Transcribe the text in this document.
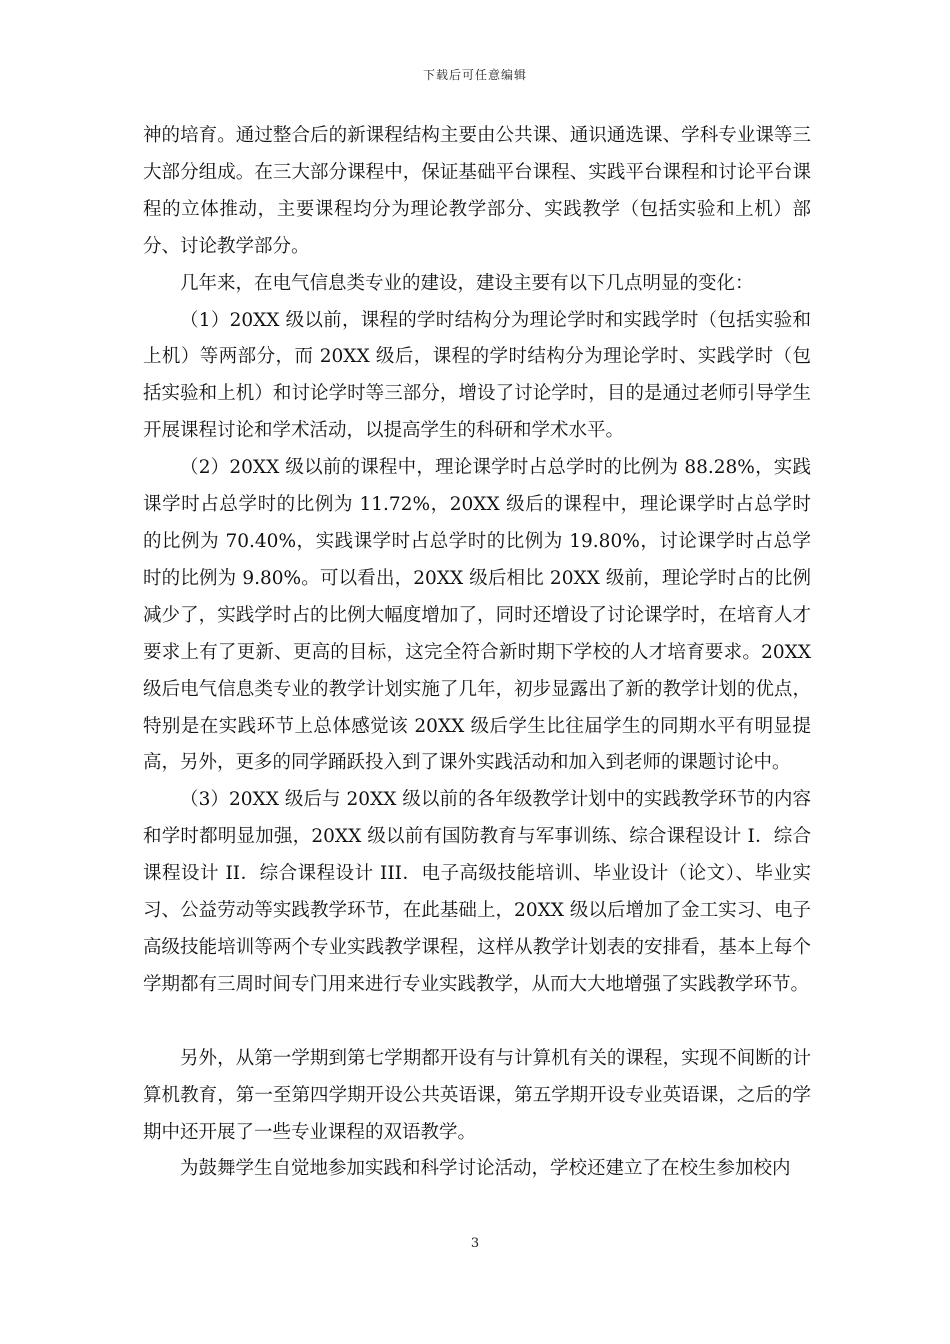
下载后可任意编辑

神的培育。通过整合后的新课程结构主要由公共课、通识通选课、学科专业课等三大部分组成。在三大部分课程中，保证基础平台课程、实践平台课程和讨论平台课程的立体推动，主要课程均分为理论教学部分、实践教学（包括实验和上机）部分、讨论教学部分。

几年来，在电气信息类专业的建设，建设主要有以下几点明显的变化：

（1）20XX 级以前，课程的学时结构分为理论学时和实践学时（包括实验和上机）等两部分，而 20XX 级后，课程的学时结构分为理论学时、实践学时（包括实验和上机）和讨论学时等三部分，增设了讨论学时，目的是通过老师引导学生开展课程讨论和学术活动，以提高学生的科研和学术水平。

（2）20XX 级以前的课程中，理论课学时占总学时的比例为 88.28%，实践课学时占总学时的比例为 11.72%，20XX 级后的课程中，理论课学时占总学时的比例为 70.40%，实践课学时占总学时的比例为 19.80%，讨论课学时占总学时的比例为 9.80%。可以看出，20XX 级后相比 20XX 级前，理论学时占的比例减少了，实践学时占的比例大幅度增加了，同时还增设了讨论课学时，在培育人才要求上有了更新、更高的目标，这完全符合新时期下学校的人才培育要求。20XX 级后电气信息类专业的教学计划实施了几年，初步显露出了新的教学计划的优点，特别是在实践环节上总体感觉该 20XX 级后学生比往届学生的同期水平有明显提高，另外，更多的同学踊跃投入到了课外实践活动和加入到老师的课题讨论中。

（3）20XX 级后与 20XX 级以前的各年级教学计划中的实践教学环节的内容和学时都明显加强，20XX 级以前有国防教育与军事训练、综合课程设计 I．综合课程设计 II．综合课程设计 III．电子高级技能培训、毕业设计（论文）、毕业实习、公益劳动等实践教学环节，在此基础上，20XX 级以后增加了金工实习、电子高级技能培训等两个专业实践教学课程，这样从教学计划表的安排看，基本上每个学期都有三周时间专门用来进行专业实践教学，从而大大地增强了实践教学环节。

另外，从第一学期到第七学期都开设有与计算机有关的课程，实现不间断的计算机教育，第一至第四学期开设公共英语课，第五学期开设专业英语课，之后的学期中还开展了一些专业课程的双语教学。

为鼓舞学生自觉地参加实践和科学讨论活动，学校还建立了在校生参加校内

3
